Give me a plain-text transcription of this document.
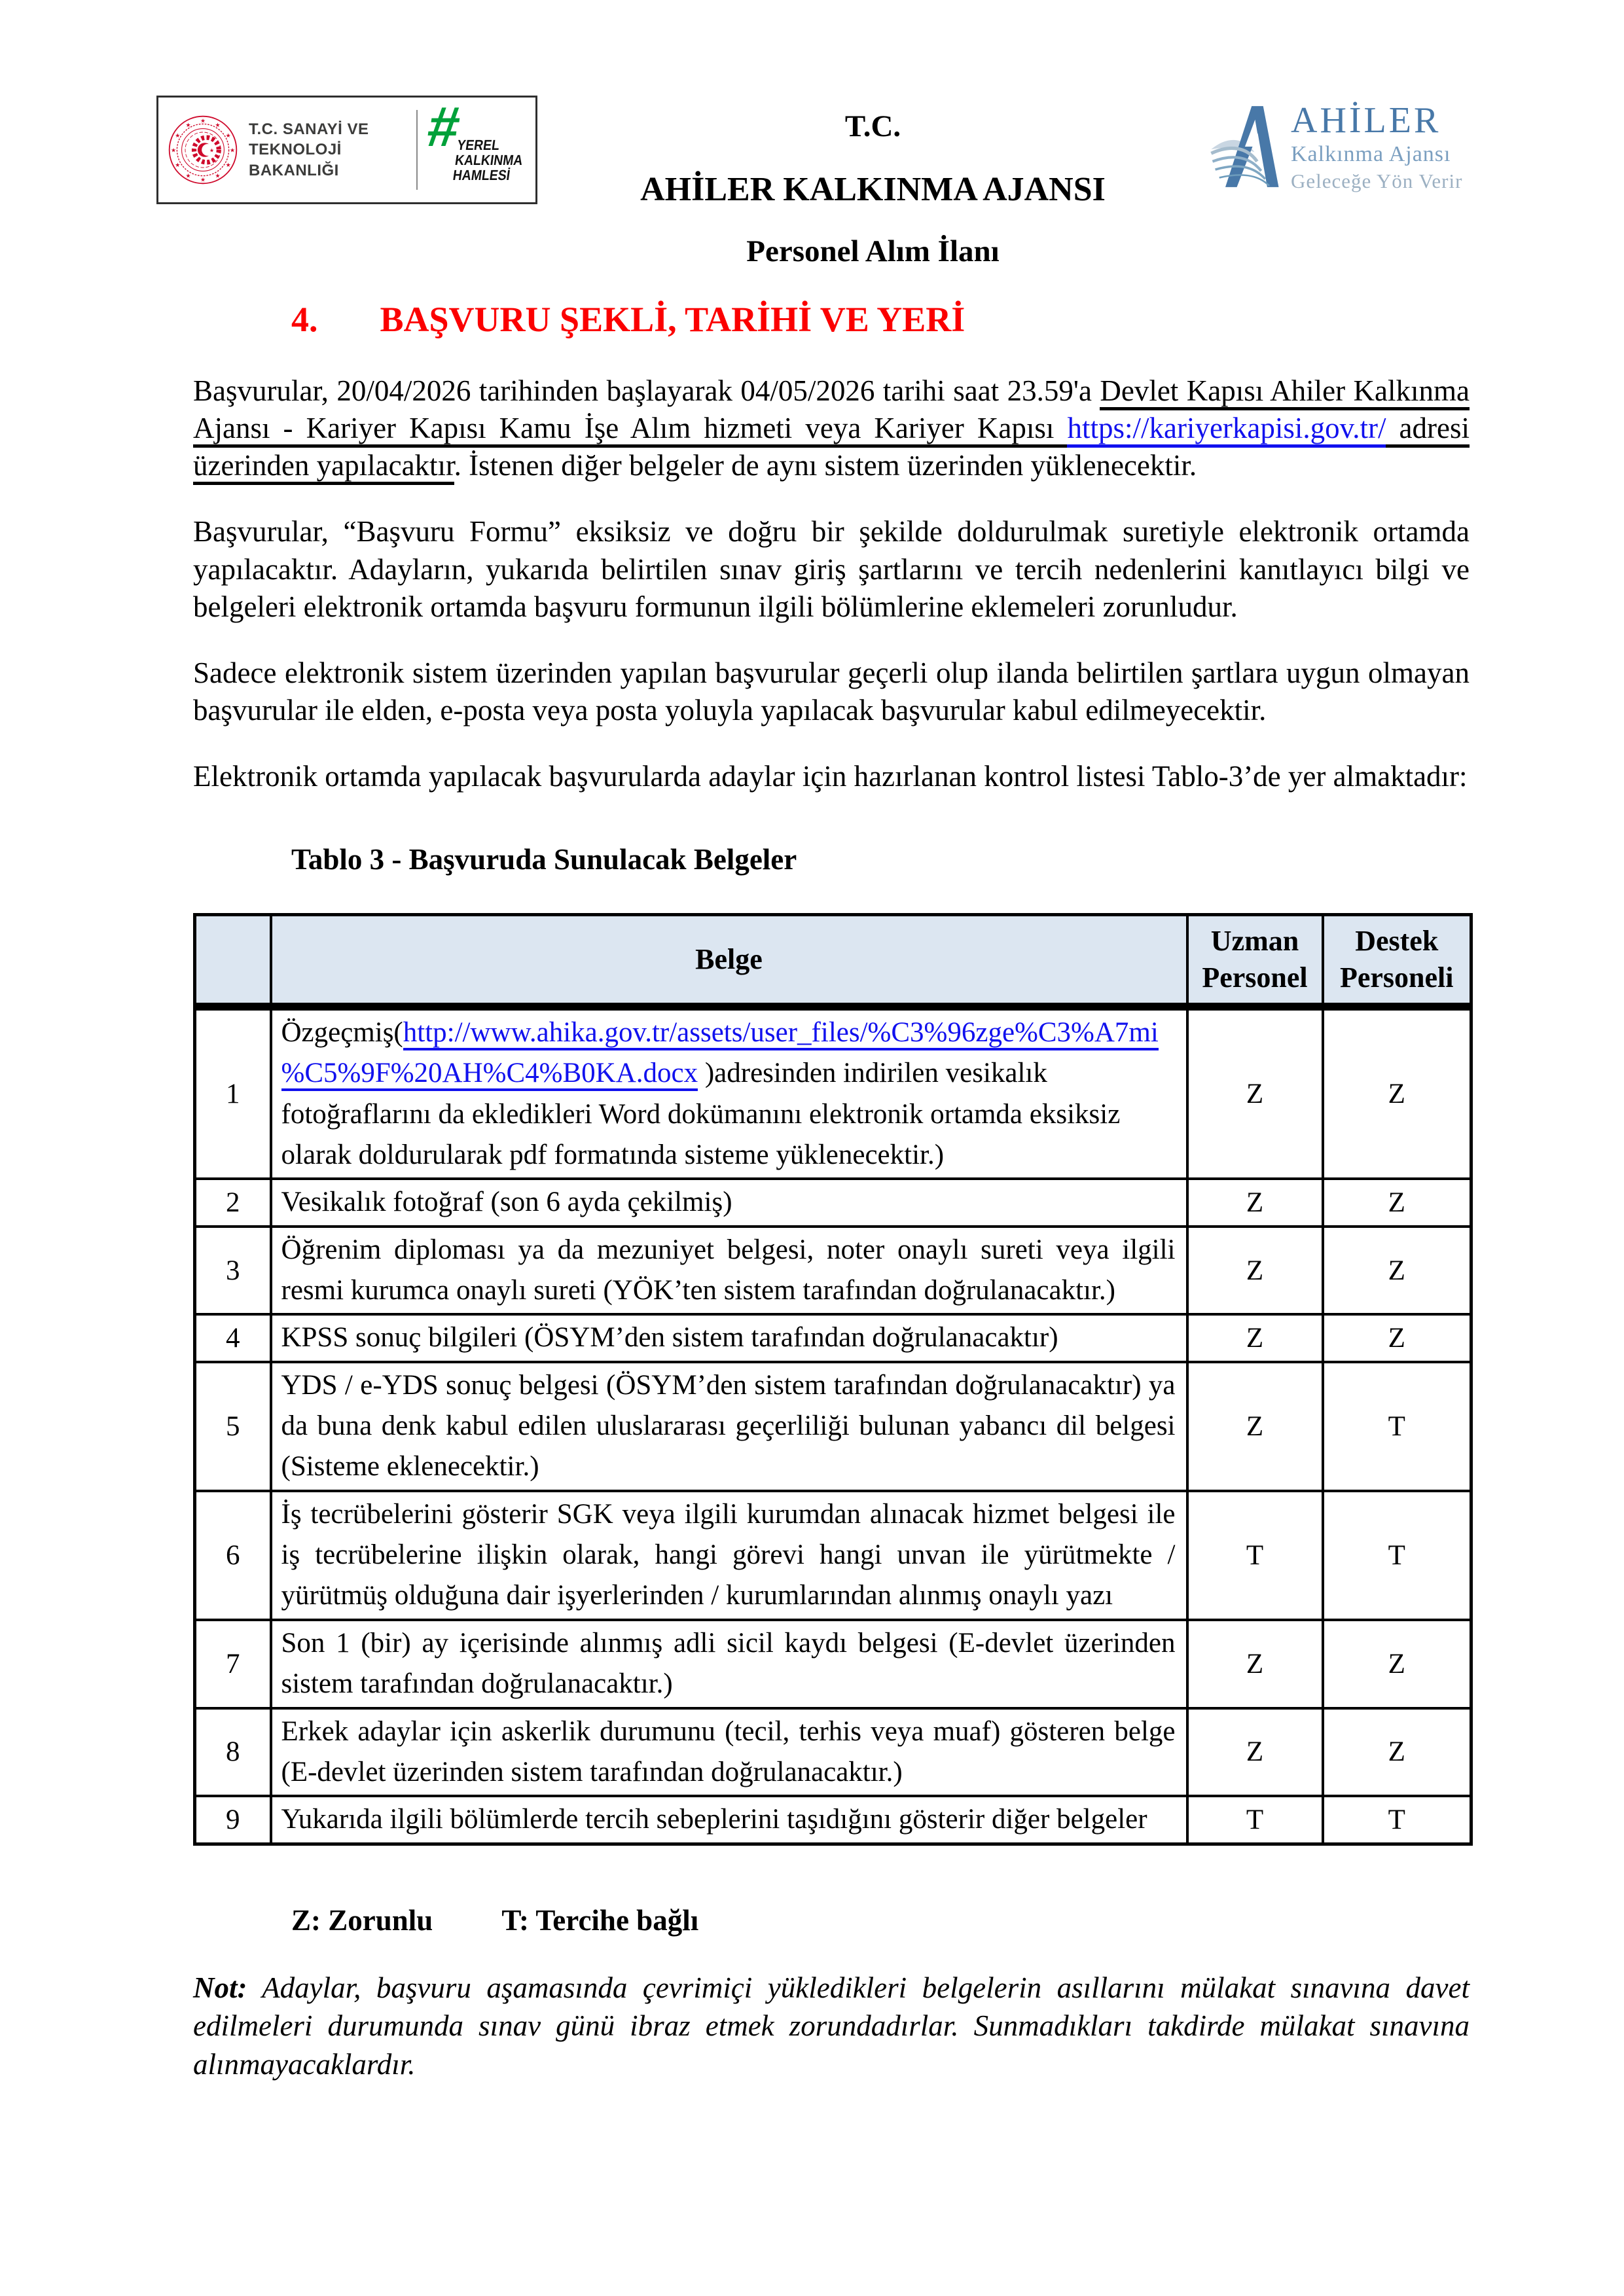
★
★
★
★
★
★
★
★
★
★
★
★
★
T.C. SANAYİ VE
TEKNOLOJİ BAKANLIĞI
#
YEREL
KALKINMA
HAMLESİ
T.C.
AHİLER KALKINMA AJANSI
Personel Alım İlanı
AHİLER
Kalkınma Ajansı
Geleceğe Yön Verir
4. BAŞVURU ŞEKLİ, TARİHİ VE YERİ

Başvurular, 20/04/2026 tarihinden başlayarak 04/05/2026 tarihi saat 23.59'a Devlet Kapısı Ahiler Kalkınma Ajansı - Kariyer Kapısı Kamu İşe Alım hizmeti veya Kariyer Kapısı https://kariyerkapisi.gov.tr/ adresi üzerinden yapılacaktır. İstenen diğer belgeler de aynı sistem üzerinden yüklenecektir.

Başvurular, “Başvuru Formu” eksiksiz ve doğru bir şekilde doldurulmak suretiyle elektronik ortamda yapılacaktır. Adayların, yukarıda belirtilen sınav giriş şartlarını ve tercih nedenlerini kanıtlayıcı bilgi ve belgeleri elektronik ortamda başvuru formunun ilgili bölümlerine eklemeleri zorunludur.

Sadece elektronik sistem üzerinden yapılan başvurular geçerli olup ilanda belirtilen şartlara uygun olmayan başvurular ile elden, e-posta veya posta yoluyla yapılacak başvurular kabul edilmeyecektir.

Elektronik ortamda yapılacak başvurularda adaylar için hazırlanan kontrol listesi Tablo-3’de yer almaktadır:

Tablo 3 - Başvuruda Sunulacak Belgeler
	Belge	Uzman Personel	Destek Personeli
1	Özgeçmiş(http://www.ahika.gov.tr/assets/user_files/%C3%96zge%C3%A7mi%C5%9F%20AH%C4%B0KA.docx )adresinden indirilen vesikalık fotoğraflarını da ekledikleri Word dokümanını elektronik ortamda eksiksiz olarak doldurularak pdf formatında sisteme yüklenecektir.)	Z	Z
2	Vesikalık fotoğraf (son 6 ayda çekilmiş)	Z	Z
3	Öğrenim diploması ya da mezuniyet belgesi, noter onaylı sureti veya ilgili resmi kurumca onaylı sureti (YÖK’ten sistem tarafından doğrulanacaktır.)	Z	Z
4	KPSS sonuç bilgileri (ÖSYM’den sistem tarafından doğrulanacaktır)	Z	Z
5	YDS / e-YDS sonuç belgesi (ÖSYM’den sistem tarafından doğrulanacaktır) ya da buna denk kabul edilen uluslararası geçerliliği bulunan yabancı dil belgesi (Sisteme eklenecektir.)	Z	T
6	İş tecrübelerini gösterir SGK veya ilgili kurumdan alınacak hizmet belgesi ile iş tecrübelerine ilişkin olarak, hangi görevi hangi unvan ile yürütmekte / yürütmüş olduğuna dair işyerlerinden / kurumlarından alınmış onaylı yazı	T	T
7	Son 1 (bir) ay içerisinde alınmış adli sicil kaydı belgesi (E-devlet üzerinden sistem tarafından doğrulanacaktır.)	Z	Z
8	Erkek adaylar için askerlik durumunu (tecil, terhis veya muaf) gösteren belge (E-devlet üzerinden sistem tarafından doğrulanacaktır.)	Z	Z
9	Yukarıda ilgili bölümlerde tercih sebeplerini taşıdığını gösterir diğer belgeler	T	T
Z: Zorunlu T: Tercihe bağlı

Not: Adaylar, başvuru aşamasında çevrimiçi yükledikleri belgelerin asıllarını mülakat sınavına davet edilmeleri durumunda sınav günü ibraz etmek zorundadırlar. Sunmadıkları takdirde mülakat sınavına alınmayacaklardır.
